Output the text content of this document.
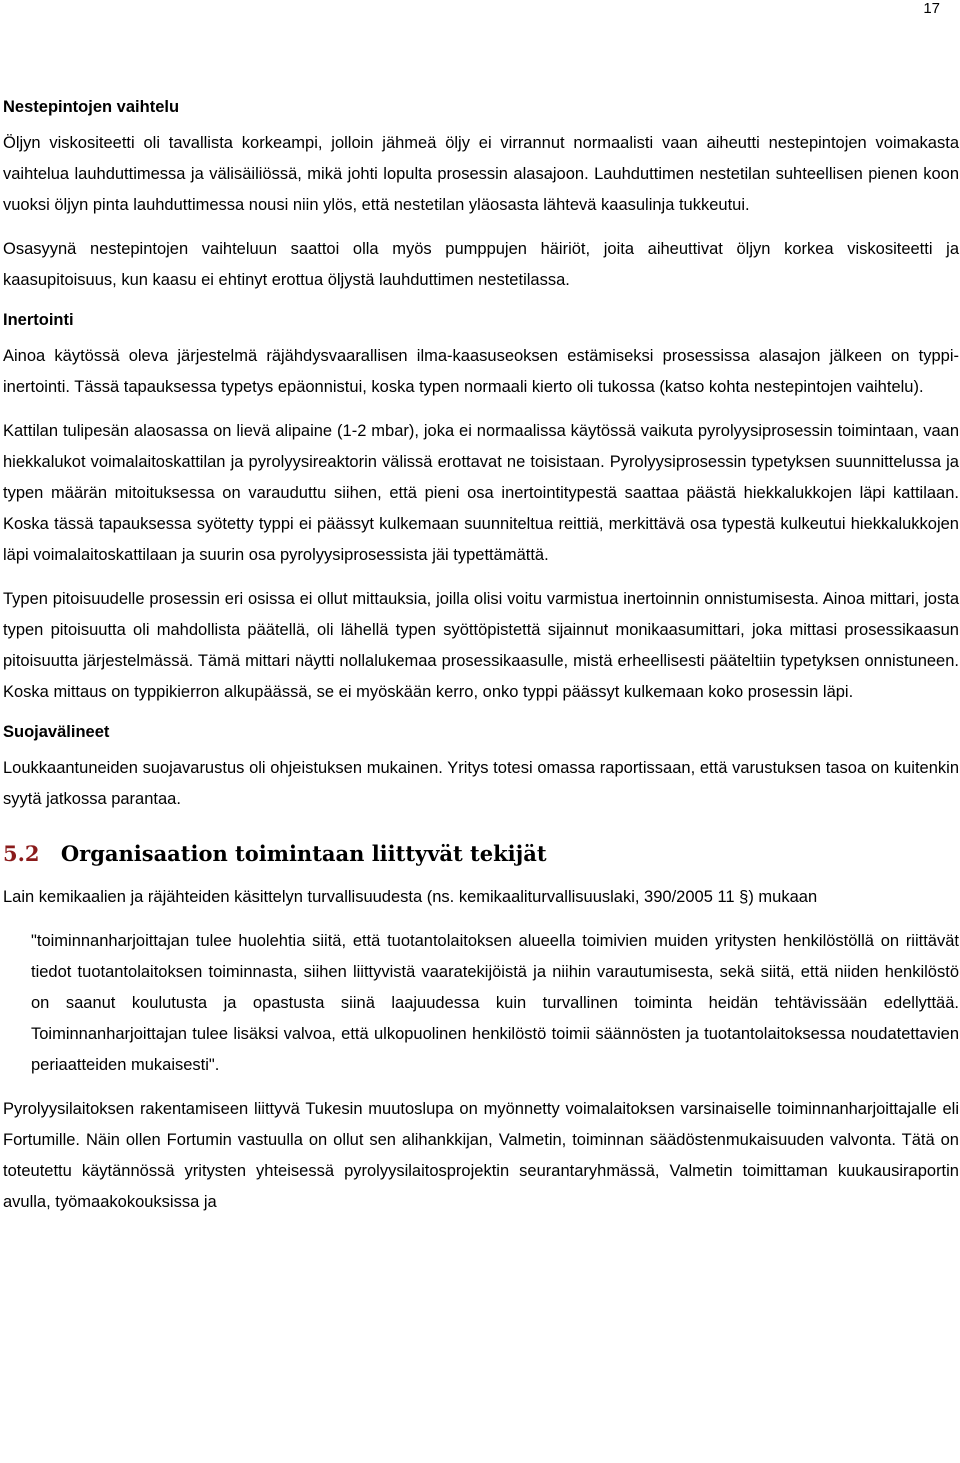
17
Nestepintojen vaihtelu

Öljyn viskositeetti oli tavallista korkeampi, jolloin jähmeä öljy ei virrannut normaalisti vaan aiheutti nestepintojen voimakasta vaihtelua lauhduttimessa ja välisäiliössä, mikä johti lopulta prosessin alasajoon. Lauhduttimen nestetilan suhteellisen pienen koon vuoksi öljyn pinta lauhduttimessa nousi niin ylös, että nestetilan yläosasta lähtevä kaasulinja tukkeutui.

Osasyynä nestepintojen vaihteluun saattoi olla myös pumppujen häiriöt, joita aiheuttivat öljyn korkea viskositeetti ja kaasupitoisuus, kun kaasu ei ehtinyt erottua öljystä lauhduttimen nestetilassa.

Inertointi

Ainoa käytössä oleva järjestelmä räjähdysvaarallisen ilma-kaasuseoksen estämiseksi prosessissa alasajon jälkeen on typpi-inertointi. Tässä tapauksessa typetys epäonnistui, koska typen normaali kierto oli tukossa (katso kohta nestepintojen vaihtelu).

Kattilan tulipesän alaosassa on lievä alipaine (1-2 mbar), joka ei normaalissa käytössä vaikuta pyrolyysiprosessin toimintaan, vaan hiekkalukot voimalaitoskattilan ja pyrolyysireaktorin välissä erottavat ne toisistaan. Pyrolyysiprosessin typetyksen suunnittelussa ja typen määrän mitoituksessa on varauduttu siihen, että pieni osa inertointitypestä saattaa päästä hiekkalukkojen läpi kattilaan. Koska tässä tapauksessa syötetty typpi ei päässyt kulkemaan suunniteltua reittiä, merkittävä osa typestä kulkeutui hiekkalukkojen läpi voimalaitoskattilaan ja suurin osa pyrolyysiprosessista jäi typettämättä.

Typen pitoisuudelle prosessin eri osissa ei ollut mittauksia, joilla olisi voitu varmistua inertoinnin onnistumisesta. Ainoa mittari, josta typen pitoisuutta oli mahdollista päätellä, oli lähellä typen syöttöpistettä sijainnut monikaasumittari, joka mittasi prosessikaasun pitoisuutta järjestelmässä. Tämä mittari näytti nollalukemaa prosessikaasulle, mistä erheellisesti pääteltiin typetyksen onnistuneen. Koska mittaus on typpikierron alkupäässä, se ei myöskään kerro, onko typpi päässyt kulkemaan koko prosessin läpi.

Suojavälineet

Loukkaantuneiden suojavarustus oli ohjeistuksen mukainen. Yritys totesi omassa raportissaan, että varustuksen tasoa on kuitenkin syytä jatkossa parantaa.

5.2 Organisaation toimintaan liittyvät tekijät

Lain kemikaalien ja räjähteiden käsittelyn turvallisuudesta (ns. kemikaaliturvallisuuslaki, 390/2005 11 §) mukaan

"toiminnanharjoittajan tulee huolehtia siitä, että tuotantolaitoksen alueella toimivien muiden yritysten henkilöstöllä on riittävät tiedot tuotantolaitoksen toiminnasta, siihen liittyvistä vaaratekijöistä ja niihin varautumisesta, sekä siitä, että niiden henkilöstö on saanut koulutusta ja opastusta siinä laajuudessa kuin turvallinen toiminta heidän tehtävissään edellyttää. Toiminnanharjoittajan tulee lisäksi valvoa, että ulkopuolinen henkilöstö toimii säännösten ja tuotantolaitoksessa noudatettavien periaatteiden mukaisesti".

Pyrolyysilaitoksen rakentamiseen liittyvä Tukesin muutoslupa on myönnetty voimalaitoksen varsinaiselle toiminnanharjoittajalle eli Fortumille. Näin ollen Fortumin vastuulla on ollut sen alihankkijan, Valmetin, toiminnan säädöstenmukaisuuden valvonta. Tätä on toteutettu käytännössä yritysten yhteisessä pyrolyysilaitosprojektin seurantaryhmässä, Valmetin toimittaman kuukausiraportin avulla, työmaakokouksissa ja
